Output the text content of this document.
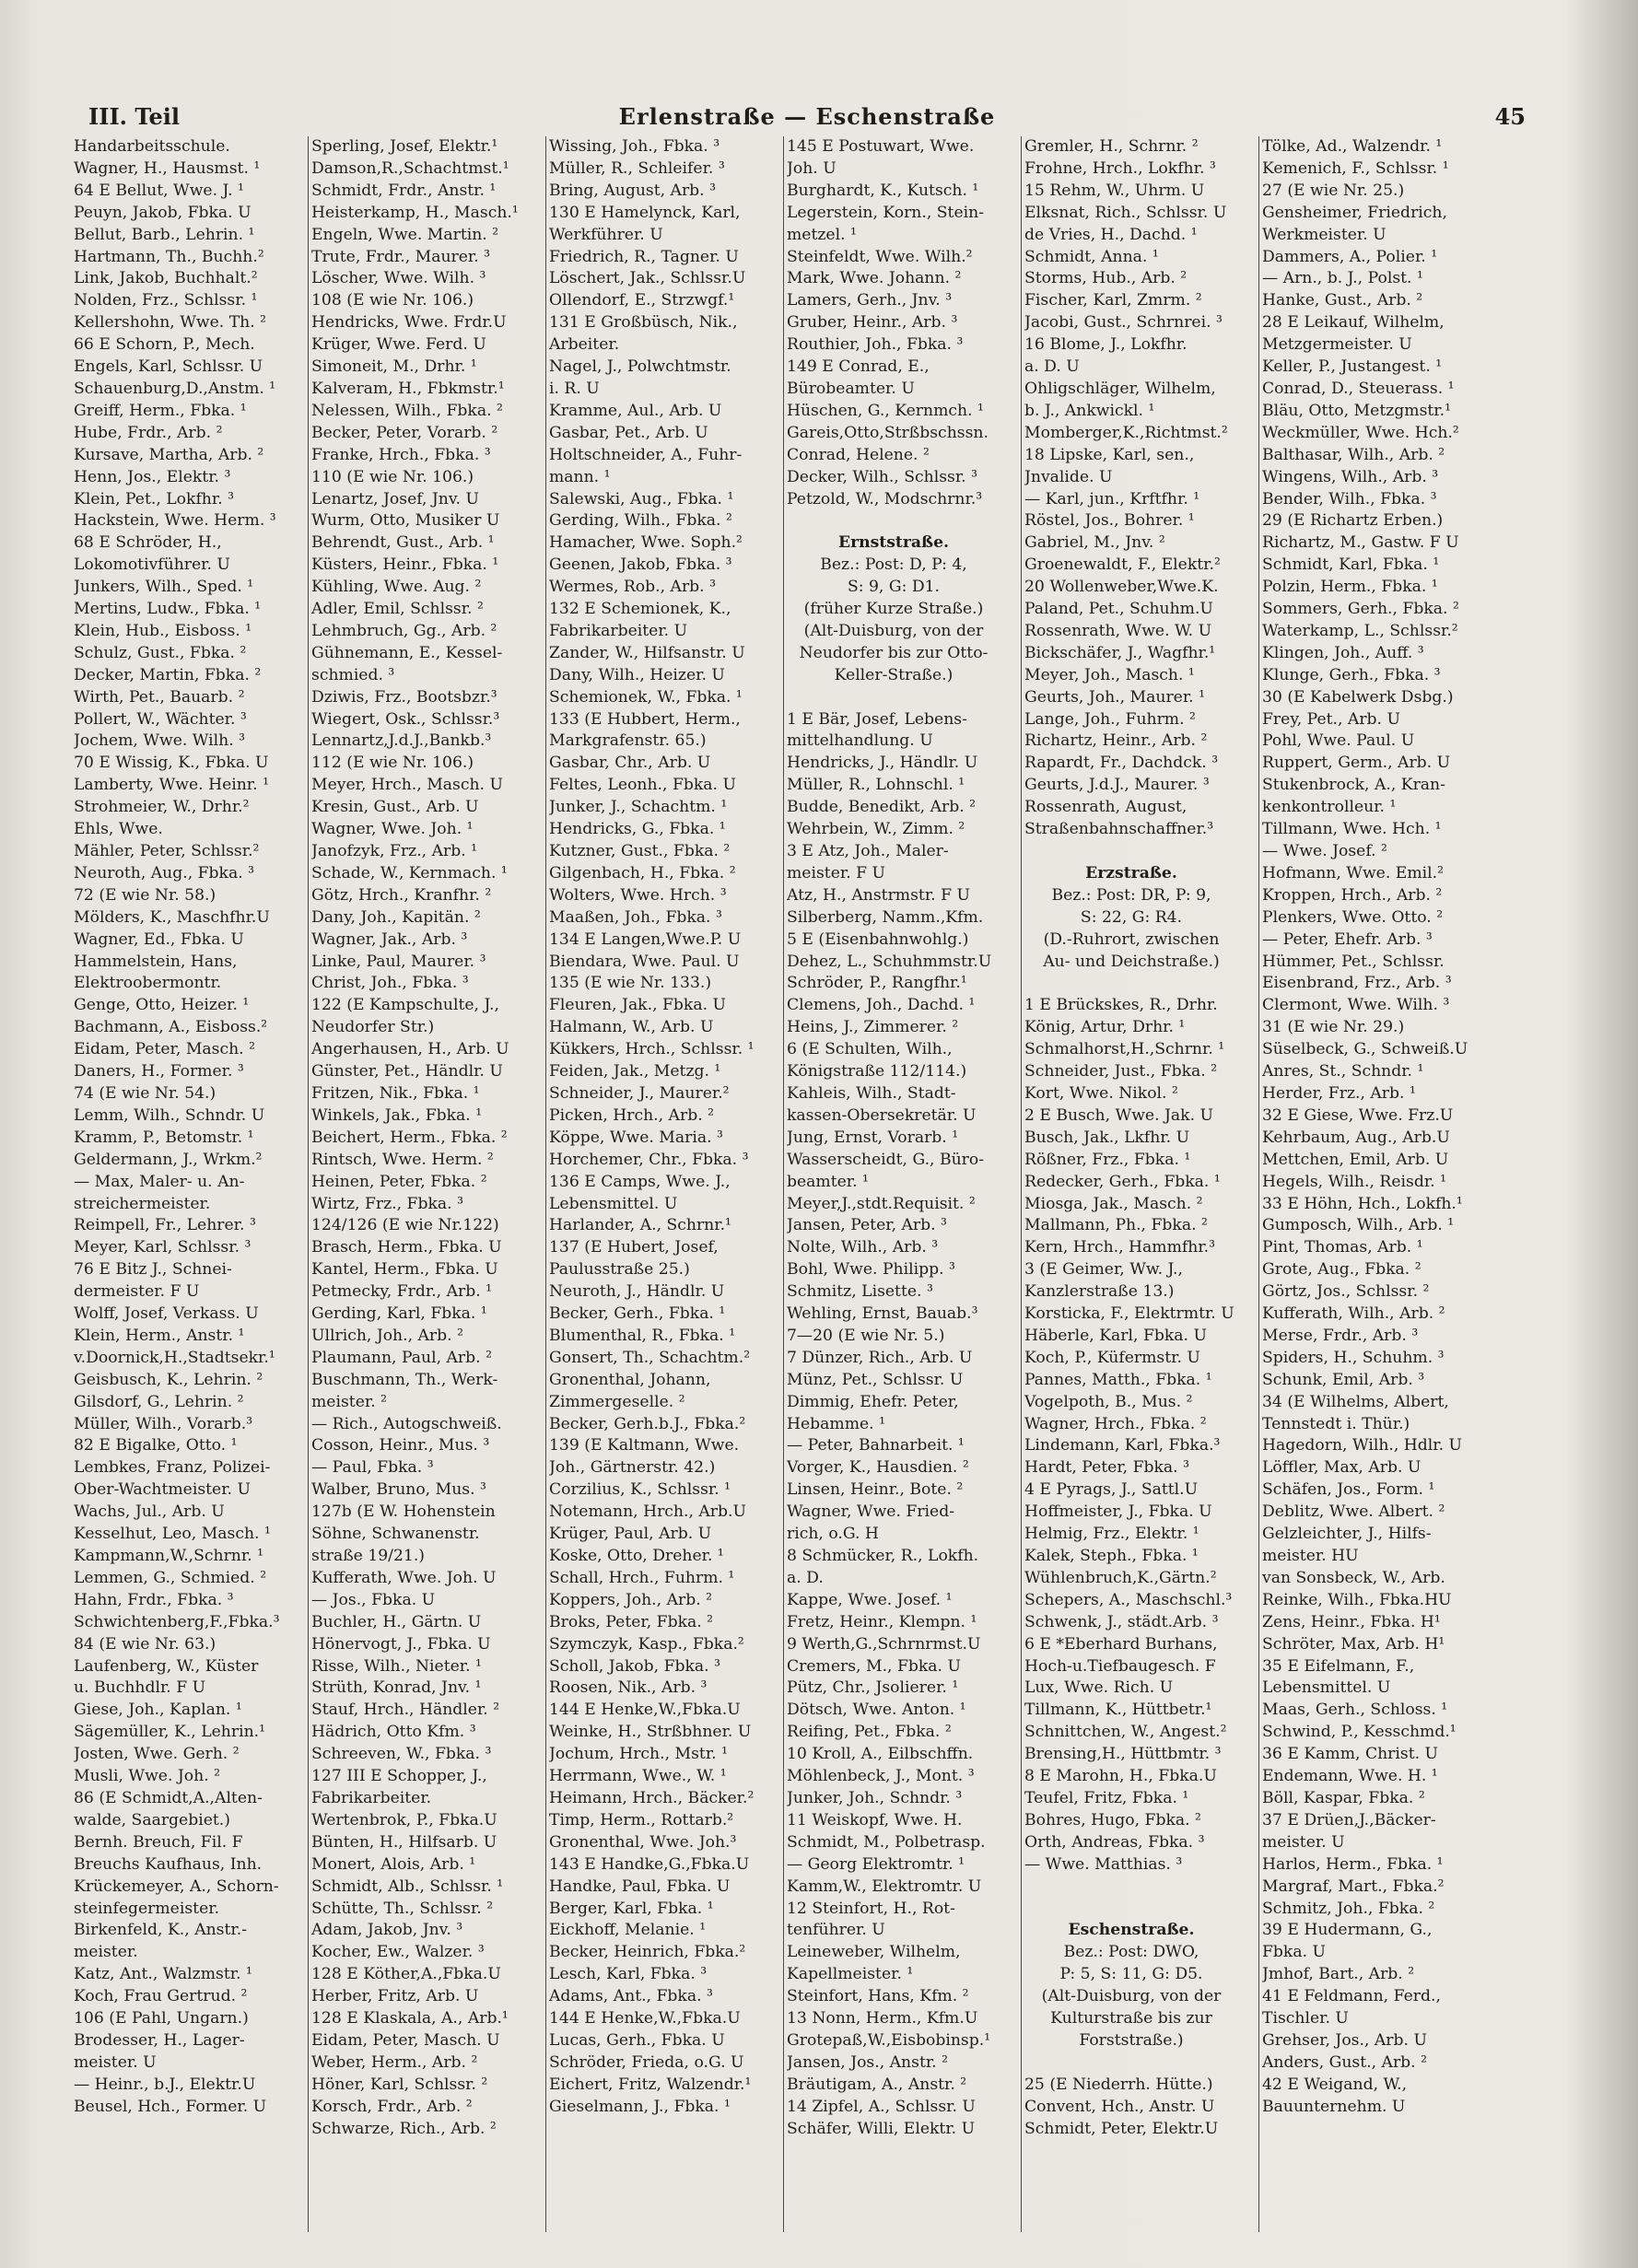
III. Teil	Erlenstraße — Eschenstraße	45
Handarbeitsschule.
Wagner, H., Hausmst. ¹
64 E Bellut, Wwe. J. ¹
Peuyn, Jakob, Fbka. U
Bellut, Barb., Lehrin. ¹
Hartmann, Th., Buchh.²
Link, Jakob, Buchhalt.²
Nolden, Frz., Schlssr. ¹
Kellershohn, Wwe. Th. ²
66 E Schorn, P., Mech.
Engels, Karl, Schlssr. U
Schauenburg,D.,Anstm. ¹
Greiff, Herm., Fbka. ¹
Hube, Frdr., Arb. ²
Kursave, Martha, Arb. ²
Henn, Jos., Elektr. ³
Klein, Pet., Lokfhr. ³
Hackstein, Wwe. Herm. ³
68 E Schröder, H.,
Lokomotivführer. U
Junkers, Wilh., Sped. ¹
Mertins, Ludw., Fbka. ¹
Klein, Hub., Eisboss. ¹
Schulz, Gust., Fbka. ²
Decker, Martin, Fbka. ²
Wirth, Pet., Bauarb. ²
Pollert, W., Wächter. ³
Jochem, Wwe. Wilh. ³
70 E Wissig, K., Fbka. U
Lamberty, Wwe. Heinr. ¹
Strohmeier, W., Drhr.²
Ehls, Wwe.
Mähler, Peter, Schlssr.²
Neuroth, Aug., Fbka. ³
72 (E wie Nr. 58.)
Mölders, K., Maschfhr.U
Wagner, Ed., Fbka. U
Hammelstein, Hans,
Elektroobermontr.
Genge, Otto, Heizer. ¹
Bachmann, A., Eisboss.²
Eidam, Peter, Masch. ²
Daners, H., Former. ³
74 (E wie Nr. 54.)
Lemm, Wilh., Schndr. U
Kramm, P., Betomstr. ¹
Geldermann, J., Wrkm.²
— Max, Maler- u. An-
streichermeister.
Reimpell, Fr., Lehrer. ³
Meyer, Karl, Schlssr. ³
76 E Bitz J., Schnei-
dermeister. F U
Wolff, Josef, Verkass. U
Klein, Herm., Anstr. ¹
v.Doornick,H.,Stadtsekr.¹
Geisbusch, K., Lehrin. ²
Gilsdorf, G., Lehrin. ²
Müller, Wilh., Vorarb.³
82 E Bigalke, Otto. ¹
Lembkes, Franz, Polizei-
Ober-Wachtmeister. U
Wachs, Jul., Arb. U
Kesselhut, Leo, Masch. ¹
Kampmann,W.,Schrnr. ¹
Lemmen, G., Schmied. ²
Hahn, Frdr., Fbka. ³
Schwichtenberg,F.,Fbka.³
84 (E wie Nr. 63.)
Laufenberg, W., Küster
u. Buchhdlr. F U
Giese, Joh., Kaplan. ¹
Sägemüller, K., Lehrin.¹
Josten, Wwe. Gerh. ²
Musli, Wwe. Joh. ²
86 (E Schmidt,A.,Alten-
walde, Saargebiet.)
Bernh. Breuch, Fil. F
Breuchs Kaufhaus, Inh.
Krückemeyer, A., Schorn-
steinfegermeister.
Birkenfeld, K., Anstr.-
meister.
Katz, Ant., Walzmstr. ¹
Koch, Frau Gertrud. ²
106 (E Pahl, Ungarn.)
Brodesser, H., Lager-
meister. U
— Heinr., b.J., Elektr.U
Beusel, Hch., Former. U
Sperling, Josef, Elektr.¹
Damson,R.,Schachtmst.¹
Schmidt, Frdr., Anstr. ¹
Heisterkamp, H., Masch.¹
Engeln, Wwe. Martin. ²
Trute, Frdr., Maurer. ³
Löscher, Wwe. Wilh. ³
108 (E wie Nr. 106.)
Hendricks, Wwe. Frdr.U
Krüger, Wwe. Ferd. U
Simoneit, M., Drhr. ¹
Kalveram, H., Fbkmstr.¹
Nelessen, Wilh., Fbka. ²
Becker, Peter, Vorarb. ²
Franke, Hrch., Fbka. ³
110 (E wie Nr. 106.)
Lenartz, Josef, Jnv. U
Wurm, Otto, Musiker U
Behrendt, Gust., Arb. ¹
Küsters, Heinr., Fbka. ¹
Kühling, Wwe. Aug. ²
Adler, Emil, Schlssr. ²
Lehmbruch, Gg., Arb. ²
Gühnemann, E., Kessel-
schmied. ³
Dziwis, Frz., Bootsbzr.³
Wiegert, Osk., Schlssr.³
Lennartz,J.d.J.,Bankb.³
112 (E wie Nr. 106.)
Meyer, Hrch., Masch. U
Kresin, Gust., Arb. U
Wagner, Wwe. Joh. ¹
Janofzyk, Frz., Arb. ¹
Schade, W., Kernmach. ¹
Götz, Hrch., Kranfhr. ²
Dany, Joh., Kapitän. ²
Wagner, Jak., Arb. ³
Linke, Paul, Maurer. ³
Christ, Joh., Fbka. ³
122 (E Kampschulte, J.,
Neudorfer Str.)
Angerhausen, H., Arb. U
Günster, Pet., Händlr. U
Fritzen, Nik., Fbka. ¹
Winkels, Jak., Fbka. ¹
Beichert, Herm., Fbka. ²
Rintsch, Wwe. Herm. ²
Heinen, Peter, Fbka. ²
Wirtz, Frz., Fbka. ³
124/126 (E wie Nr.122)
Brasch, Herm., Fbka. U
Kantel, Herm., Fbka. U
Petmecky, Frdr., Arb. ¹
Gerding, Karl, Fbka. ¹
Ullrich, Joh., Arb. ²
Plaumann, Paul, Arb. ²
Buschmann, Th., Werk-
meister. ²
— Rich., Autogschweiß.
Cosson, Heinr., Mus. ³
— Paul, Fbka. ³
Walber, Bruno, Mus. ³
127b (E W. Hohenstein
Söhne, Schwanenstr.
straße 19/21.)
Kufferath, Wwe. Joh. U
— Jos., Fbka. U
Buchler, H., Gärtn. U
Hönervogt, J., Fbka. U
Risse, Wilh., Nieter. ¹
Strüth, Konrad, Jnv. ¹
Stauf, Hrch., Händler. ²
Hädrich, Otto Kfm. ³
Schreeven, W., Fbka. ³
127 III E Schopper, J.,
Fabrikarbeiter.
Wertenbrok, P., Fbka.U
Bünten, H., Hilfsarb. U
Monert, Alois, Arb. ¹
Schmidt, Alb., Schlssr. ¹
Schütte, Th., Schlssr. ²
Adam, Jakob, Jnv. ³
Kocher, Ew., Walzer. ³
128 E Köther,A.,Fbka.U
Herber, Fritz, Arb. U
128 E Klaskala, A., Arb.¹
Eidam, Peter, Masch. U
Weber, Herm., Arb. ²
Höner, Karl, Schlssr. ²
Korsch, Frdr., Arb. ²
Schwarze, Rich., Arb. ²
Wissing, Joh., Fbka. ³
Müller, R., Schleifer. ³
Bring, August, Arb. ³
130 E Hamelynck, Karl,
Werkführer. U
Friedrich, R., Tagner. U
Löschert, Jak., Schlssr.U
Ollendorf, E., Strzwgf.¹
131 E Großbüsch, Nik.,
Arbeiter.
Nagel, J., Polwchtmstr.
i. R. U
Kramme, Aul., Arb. U
Gasbar, Pet., Arb. U
Holtschneider, A., Fuhr-
mann. ¹
Salewski, Aug., Fbka. ¹
Gerding, Wilh., Fbka. ²
Hamacher, Wwe. Soph.²
Geenen, Jakob, Fbka. ³
Wermes, Rob., Arb. ³
132 E Schemionek, K.,
Fabrikarbeiter. U
Zander, W., Hilfsanstr. U
Dany, Wilh., Heizer. U
Schemionek, W., Fbka. ¹
133 (E Hubbert, Herm.,
Markgrafenstr. 65.)
Gasbar, Chr., Arb. U
Feltes, Leonh., Fbka. U
Junker, J., Schachtm. ¹
Hendricks, G., Fbka. ¹
Kutzner, Gust., Fbka. ²
Gilgenbach, H., Fbka. ²
Wolters, Wwe. Hrch. ³
Maaßen, Joh., Fbka. ³
134 E Langen,Wwe.P. U
Biendara, Wwe. Paul. U
135 (E wie Nr. 133.)
Fleuren, Jak., Fbka. U
Halmann, W., Arb. U
Kükkers, Hrch., Schlssr. ¹
Feiden, Jak., Metzg. ¹
Schneider, J., Maurer.²
Picken, Hrch., Arb. ²
Köppe, Wwe. Maria. ³
Horchemer, Chr., Fbka. ³
136 E Camps, Wwe. J.,
Lebensmittel. U
Harlander, A., Schrnr.¹
137 (E Hubert, Josef,
Paulusstraße 25.)
Neuroth, J., Händlr. U
Becker, Gerh., Fbka. ¹
Blumenthal, R., Fbka. ¹
Gonsert, Th., Schachtm.²
Gronenthal, Johann,
Zimmergeselle. ²
Becker, Gerh.b.J., Fbka.²
139 (E Kaltmann, Wwe.
Joh., Gärtnerstr. 42.)
Corzilius, K., Schlssr. ¹
Notemann, Hrch., Arb.U
Krüger, Paul, Arb. U
Koske, Otto, Dreher. ¹
Schall, Hrch., Fuhrm. ¹
Koppers, Joh., Arb. ²
Broks, Peter, Fbka. ²
Szymczyk, Kasp., Fbka.²
Scholl, Jakob, Fbka. ³
Roosen, Nik., Arb. ³
144 E Henke,W.,Fbka.U
Weinke, H., Strßbhner. U
Jochum, Hrch., Mstr. ¹
Herrmann, Wwe., W. ¹
Heimann, Hrch., Bäcker.²
Timp, Herm., Rottarb.²
Gronenthal, Wwe. Joh.³
143 E Handke,G.,Fbka.U
Handke, Paul, Fbka. U
Berger, Karl, Fbka. ¹
Eickhoff, Melanie. ¹
Becker, Heinrich, Fbka.²
Lesch, Karl, Fbka. ³
Adams, Ant., Fbka. ³
144 E Henke,W.,Fbka.U
Lucas, Gerh., Fbka. U
Schröder, Frieda, o.G. U
Eichert, Fritz, Walzendr.¹
Gieselmann, J., Fbka. ¹
145 E Postuwart, Wwe.
Joh. U
Burghardt, K., Kutsch. ¹
Legerstein, Korn., Stein-
metzel. ¹
Steinfeldt, Wwe. Wilh.²
Mark, Wwe. Johann. ²
Lamers, Gerh., Jnv. ³
Gruber, Heinr., Arb. ³
Routhier, Joh., Fbka. ³
149 E Conrad, E.,
Bürobeamter. U
Hüschen, G., Kernmch. ¹
Gareis,Otto,Strßbschssn.
Conrad, Helene. ²
Decker, Wilh., Schlssr. ³
Petzold, W., Modschrnr.³

Ernststraße.
Bez.: Post: D, P: 4,
S: 9, G: D1.
(früher Kurze Straße.)
(Alt-Duisburg, von der
Neudorfer bis zur Otto-
Keller-Straße.)

1 E Bär, Josef, Lebens-
mittelhandlung. U
Hendricks, J., Händlr. U
Müller, R., Lohnschl. ¹
Budde, Benedikt, Arb. ²
Wehrbein, W., Zimm. ²
3 E Atz, Joh., Maler-
meister. F U
Atz, H., Anstrmstr. F U
Silberberg, Namm.,Kfm.
5 E (Eisenbahnwohlg.)
Dehez, L., Schuhmmstr.U
Schröder, P., Rangfhr.¹
Clemens, Joh., Dachd. ¹
Heins, J., Zimmerer. ²
6 (E Schulten, Wilh.,
Königstraße 112/114.)
Kahleis, Wilh., Stadt-
kassen-Obersekretär. U
Jung, Ernst, Vorarb. ¹
Wasserscheidt, G., Büro-
beamter. ¹
Meyer,J.,stdt.Requisit. ²
Jansen, Peter, Arb. ³
Nolte, Wilh., Arb. ³
Bohl, Wwe. Philipp. ³
Schmitz, Lisette. ³
Wehling, Ernst, Bauab.³
7—20 (E wie Nr. 5.)
7 Dünzer, Rich., Arb. U
Münz, Pet., Schlssr. U
Dimmig, Ehefr. Peter,
Hebamme. ¹
— Peter, Bahnarbeit. ¹
Vorger, K., Hausdien. ²
Linsen, Heinr., Bote. ²
Wagner, Wwe. Fried-
rich, o.G. H
8 Schmücker, R., Lokfh.
a. D.
Kappe, Wwe. Josef. ¹
Fretz, Heinr., Klempn. ¹
9 Werth,G.,Schrnrmst.U
Cremers, M., Fbka. U
Pütz, Chr., Jsolierer. ¹
Dötsch, Wwe. Anton. ¹
Reifing, Pet., Fbka. ²
10 Kroll, A., Eilbschffn.
Möhlenbeck, J., Mont. ³
Junker, Joh., Schndr. ³
11 Weiskopf, Wwe. H.
Schmidt, M., Polbetrasp.
— Georg Elektromtr. ¹
Kamm,W., Elektromtr. U
12 Steinfort, H., Rot-
tenführer. U
Leineweber, Wilhelm,
Kapellmeister. ¹
Steinfort, Hans, Kfm. ²
13 Nonn, Herm., Kfm.U
Grotepaß,W.,Eisbobinsp.¹
Jansen, Jos., Anstr. ²
Bräutigam, A., Anstr. ²
14 Zipfel, A., Schlssr. U
Schäfer, Willi, Elektr. U
Gremler, H., Schrnr. ²
Frohne, Hrch., Lokfhr. ³
15 Rehm, W., Uhrm. U
Elksnat, Rich., Schlssr. U
de Vries, H., Dachd. ¹
Schmidt, Anna. ¹
Storms, Hub., Arb. ²
Fischer, Karl, Zmrm. ²
Jacobi, Gust., Schrnrei. ³
16 Blome, J., Lokfhr.
a. D. U
Ohligschläger, Wilhelm,
b. J., Ankwickl. ¹
Momberger,K.,Richtmst.²
18 Lipske, Karl, sen.,
Jnvalide. U
— Karl, jun., Krftfhr. ¹
Röstel, Jos., Bohrer. ¹
Gabriel, M., Jnv. ²
Groenewaldt, F., Elektr.²
20 Wollenweber,Wwe.K.
Paland, Pet., Schuhm.U
Rossenrath, Wwe. W. U
Bickschäfer, J., Wagfhr.¹
Meyer, Joh., Masch. ¹
Geurts, Joh., Maurer. ¹
Lange, Joh., Fuhrm. ²
Richartz, Heinr., Arb. ²
Rapardt, Fr., Dachdck. ³
Geurts, J.d.J., Maurer. ³
Rossenrath, August,
Straßenbahnschaffner.³

Erzstraße.
Bez.: Post: DR, P: 9,
S: 22, G: R4.
(D.-Ruhrort, zwischen
Au- und Deichstraße.)

1 E Brückskes, R., Drhr.
König, Artur, Drhr. ¹
Schmalhorst,H.,Schrnr. ¹
Schneider, Just., Fbka. ²
Kort, Wwe. Nikol. ²
2 E Busch, Wwe. Jak. U
Busch, Jak., Lkfhr. U
Rößner, Frz., Fbka. ¹
Redecker, Gerh., Fbka. ¹
Miosga, Jak., Masch. ²
Mallmann, Ph., Fbka. ²
Kern, Hrch., Hammfhr.³
3 (E Geimer, Ww. J.,
Kanzlerstraße 13.)
Korsticka, F., Elektrmtr. U
Häberle, Karl, Fbka. U
Koch, P., Küfermstr. U
Pannes, Matth., Fbka. ¹
Vogelpoth, B., Mus. ²
Wagner, Hrch., Fbka. ²
Lindemann, Karl, Fbka.³
Hardt, Peter, Fbka. ³
4 E Pyrags, J., Sattl.U
Hoffmeister, J., Fbka. U
Helmig, Frz., Elektr. ¹
Kalek, Steph., Fbka. ¹
Wühlenbruch,K.,Gärtn.²
Schepers, A., Maschschl.³
Schwenk, J., städt.Arb. ³
6 E *Eberhard Burhans,
Hoch-u.Tiefbaugesch. F
Lux, Wwe. Rich. U
Tillmann, K., Hüttbetr.¹
Schnittchen, W., Angest.²
Brensing,H., Hüttbmtr. ³
8 E Marohn, H., Fbka.U
Teufel, Fritz, Fbka. ¹
Bohres, Hugo, Fbka. ²
Orth, Andreas, Fbka. ³
— Wwe. Matthias. ³

Eschenstraße.
Bez.: Post: DWO,
P: 5, S: 11, G: D5.
(Alt-Duisburg, von der
Kulturstraße bis zur
Forststraße.)

25 (E Niederrh. Hütte.)
Convent, Hch., Anstr. U
Schmidt, Peter, Elektr.U
Tölke, Ad., Walzendr. ¹
Kemenich, F., Schlssr. ¹
27 (E wie Nr. 25.)
Gensheimer, Friedrich,
Werkmeister. U
Dammers, A., Polier. ¹
— Arn., b. J., Polst. ¹
Hanke, Gust., Arb. ²
28 E Leikauf, Wilhelm,
Metzgermeister. U
Keller, P., Justangest. ¹
Conrad, D., Steuerass. ¹
Bläu, Otto, Metzgmstr.¹
Weckmüller, Wwe. Hch.²
Balthasar, Wilh., Arb. ²
Wingens, Wilh., Arb. ³
Bender, Wilh., Fbka. ³
29 (E Richartz Erben.)
Richartz, M., Gastw. F U
Schmidt, Karl, Fbka. ¹
Polzin, Herm., Fbka. ¹
Sommers, Gerh., Fbka. ²
Waterkamp, L., Schlssr.²
Klingen, Joh., Auff. ³
Klunge, Gerh., Fbka. ³
30 (E Kabelwerk Dsbg.)
Frey, Pet., Arb. U
Pohl, Wwe. Paul. U
Ruppert, Germ., Arb. U
Stukenbrock, A., Kran-
kenkontrolleur. ¹
Tillmann, Wwe. Hch. ¹
— Wwe. Josef. ²
Hofmann, Wwe. Emil.²
Kroppen, Hrch., Arb. ²
Plenkers, Wwe. Otto. ²
— Peter, Ehefr. Arb. ³
Hümmer, Pet., Schlssr.
Eisenbrand, Frz., Arb. ³
Clermont, Wwe. Wilh. ³
31 (E wie Nr. 29.)
Süselbeck, G., Schweiß.U
Anres, St., Schndr. ¹
Herder, Frz., Arb. ¹
32 E Giese, Wwe. Frz.U
Kehrbaum, Aug., Arb.U
Mettchen, Emil, Arb. U
Hegels, Wilh., Reisdr. ¹
33 E Höhn, Hch., Lokfh.¹
Gumposch, Wilh., Arb. ¹
Pint, Thomas, Arb. ¹
Grote, Aug., Fbka. ²
Görtz, Jos., Schlssr. ²
Kufferath, Wilh., Arb. ²
Merse, Frdr., Arb. ³
Spiders, H., Schuhm. ³
Schunk, Emil, Arb. ³
34 (E Wilhelms, Albert,
Tennstedt i. Thür.)
Hagedorn, Wilh., Hdlr. U
Löffler, Max, Arb. U
Schäfen, Jos., Form. ¹
Deblitz, Wwe. Albert. ²
Gelzleichter, J., Hilfs-
meister. HU
van Sonsbeck, W., Arb.
Reinke, Wilh., Fbka.HU
Zens, Heinr., Fbka. H¹
Schröter, Max, Arb. H¹
35 E Eifelmann, F.,
Lebensmittel. U
Maas, Gerh., Schloss. ¹
Schwind, P., Kesschmd.¹
36 E Kamm, Christ. U
Endemann, Wwe. H. ¹
Böll, Kaspar, Fbka. ²
37 E Drüen,J.,Bäcker-
meister. U
Harlos, Herm., Fbka. ¹
Margraf, Mart., Fbka.²
Schmitz, Joh., Fbka. ²
39 E Hudermann, G.,
Fbka. U
Jmhof, Bart., Arb. ²
41 E Feldmann, Ferd.,
Tischler. U
Grehser, Jos., Arb. U
Anders, Gust., Arb. ²
42 E Weigand, W.,
Bauunternehm. U
